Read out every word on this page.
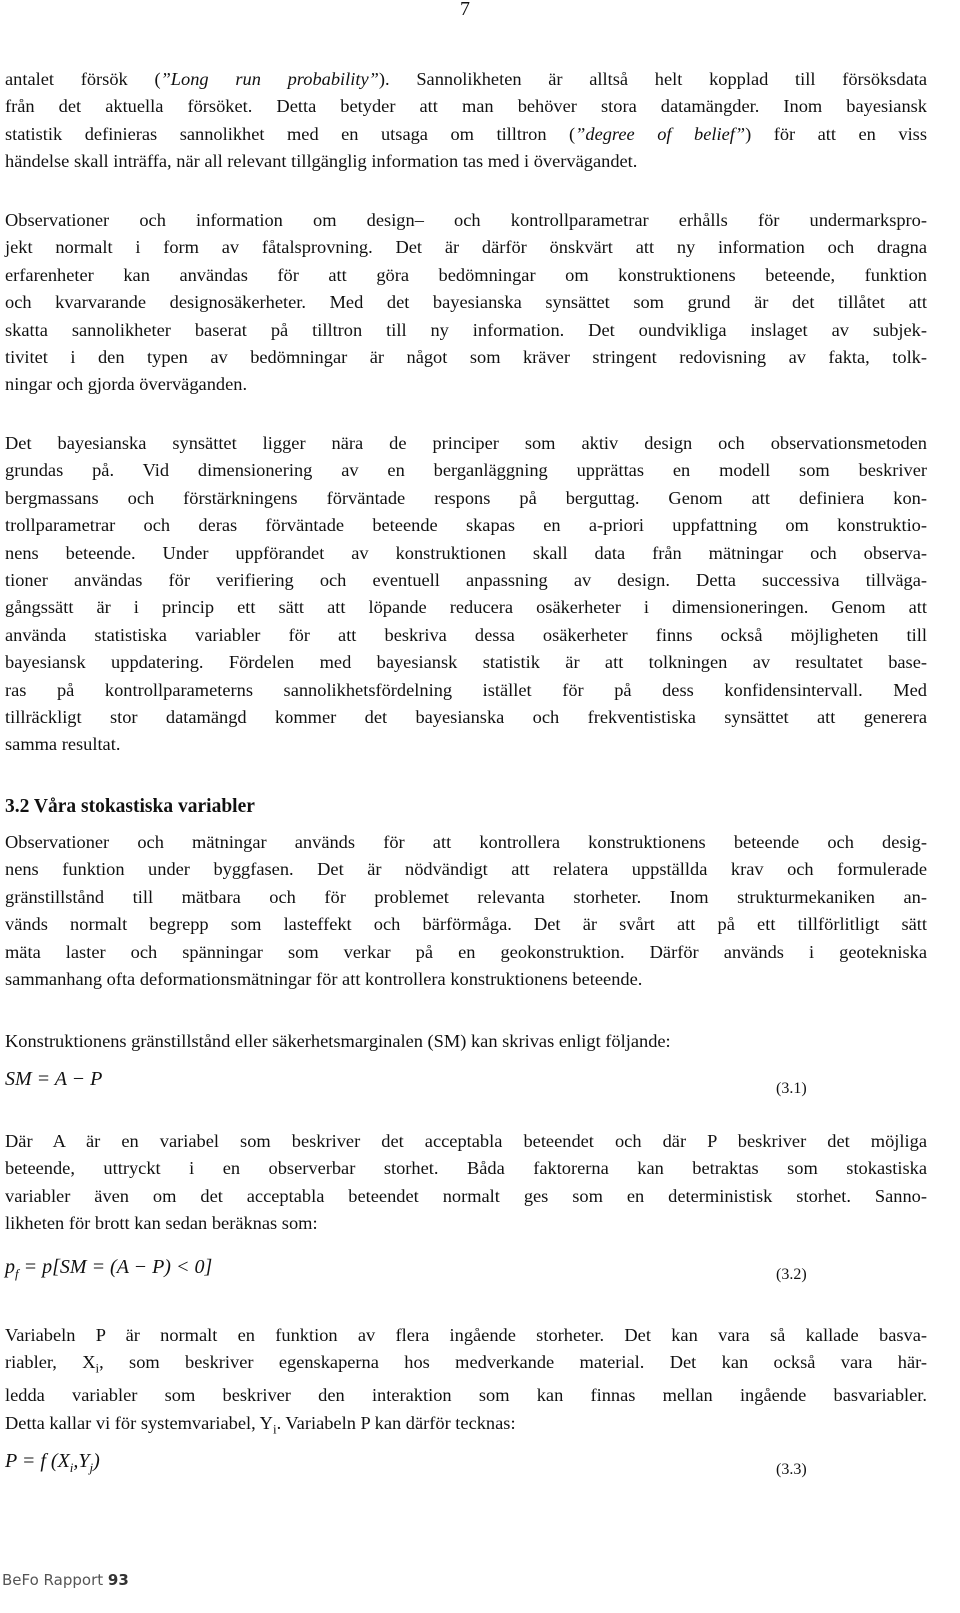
7
antalet försök (”Long run probability”). Sannolikheten är alltså helt kopplad till försöksdata
från det aktuella försöket. Detta betyder att man behöver stora datamängder. Inom bayesiansk
statistik definieras sannolikhet med en utsaga om tilltron (”degree of belief”) för att en viss
händelse skall inträffa, när all relevant tillgänglig information tas med i övervägandet.
Observationer och information om design– och kontrollparametrar erhålls för undermarkspro-
jekt normalt i form av fåtalsprovning. Det är därför önskvärt att ny information och dragna
erfarenheter kan användas för att göra bedömningar om konstruktionens beteende, funktion
och kvarvarande designosäkerheter. Med det bayesianska synsättet som grund är det tillåtet att
skatta sannolikheter baserat på tilltron till ny information. Det oundvikliga inslaget av subjek-
tivitet i den typen av bedömningar är något som kräver stringent redovisning av fakta, tolk-
ningar och gjorda överväganden.
Det bayesianska synsättet ligger nära de principer som aktiv design och observationsmetoden
grundas på. Vid dimensionering av en berganläggning upprättas en modell som beskriver
bergmassans och förstärkningens förväntade respons på berguttag. Genom att definiera kon-
trollparametrar och deras förväntade beteende skapas en a-priori uppfattning om konstruktio-
nens beteende. Under uppförandet av konstruktionen skall data från mätningar och observa-
tioner användas för verifiering och eventuell anpassning av design. Detta successiva tillväga-
gångssätt är i princip ett sätt att löpande reducera osäkerheter i dimensioneringen. Genom att
använda statistiska variabler för att beskriva dessa osäkerheter finns också möjligheten till
bayesiansk uppdatering. Fördelen med bayesiansk statistik är att tolkningen av resultatet base-
ras på kontrollparameterns sannolikhetsfördelning istället för på dess konfidensintervall. Med
tillräckligt stor datamängd kommer det bayesianska och frekventistiska synsättet att generera
samma resultat.
3.2 Våra stokastiska variabler
Observationer och mätningar används för att kontrollera konstruktionens beteende och desig-
nens funktion under byggfasen. Det är nödvändigt att relatera uppställda krav och formulerade
gränstillstånd till mätbara och för problemet relevanta storheter. Inom strukturmekaniken an-
vänds normalt begrepp som lasteffekt och bärförmåga. Det är svårt att på ett tillförlitligt sätt
mäta laster och spänningar som verkar på en geokonstruktion. Därför används i geotekniska
sammanhang ofta deformationsmätningar för att kontrollera konstruktionens beteende.
Konstruktionens gränstillstånd eller säkerhetsmarginalen (SM) kan skrivas enligt följande:
SM = A − P	(3.1)
Där A är en variabel som beskriver det acceptabla beteendet och där P beskriver det möjliga
beteende, uttryckt i en observerbar storhet. Båda faktorerna kan betraktas som stokastiska
variabler även om det acceptabla beteendet normalt ges som en deterministisk storhet. Sanno-
likheten för brott kan sedan beräknas som:
$p_f = p[SM = (A - P) < 0]$	(3.2)
Variabeln P är normalt en funktion av flera ingående storheter. Det kan vara så kallade basva-
riabler, $X_i$, som beskriver egenskaperna hos medverkande material. Det kan också vara här-
ledda variabler som beskriver den interaktion som kan finnas mellan ingående basvariabler.
Detta kallar vi för systemvariabel, $Y_i$. Variabeln P kan därför tecknas:
P = f $(X_i,Y_j)$	(3.3)
BeFo Rapport 93
